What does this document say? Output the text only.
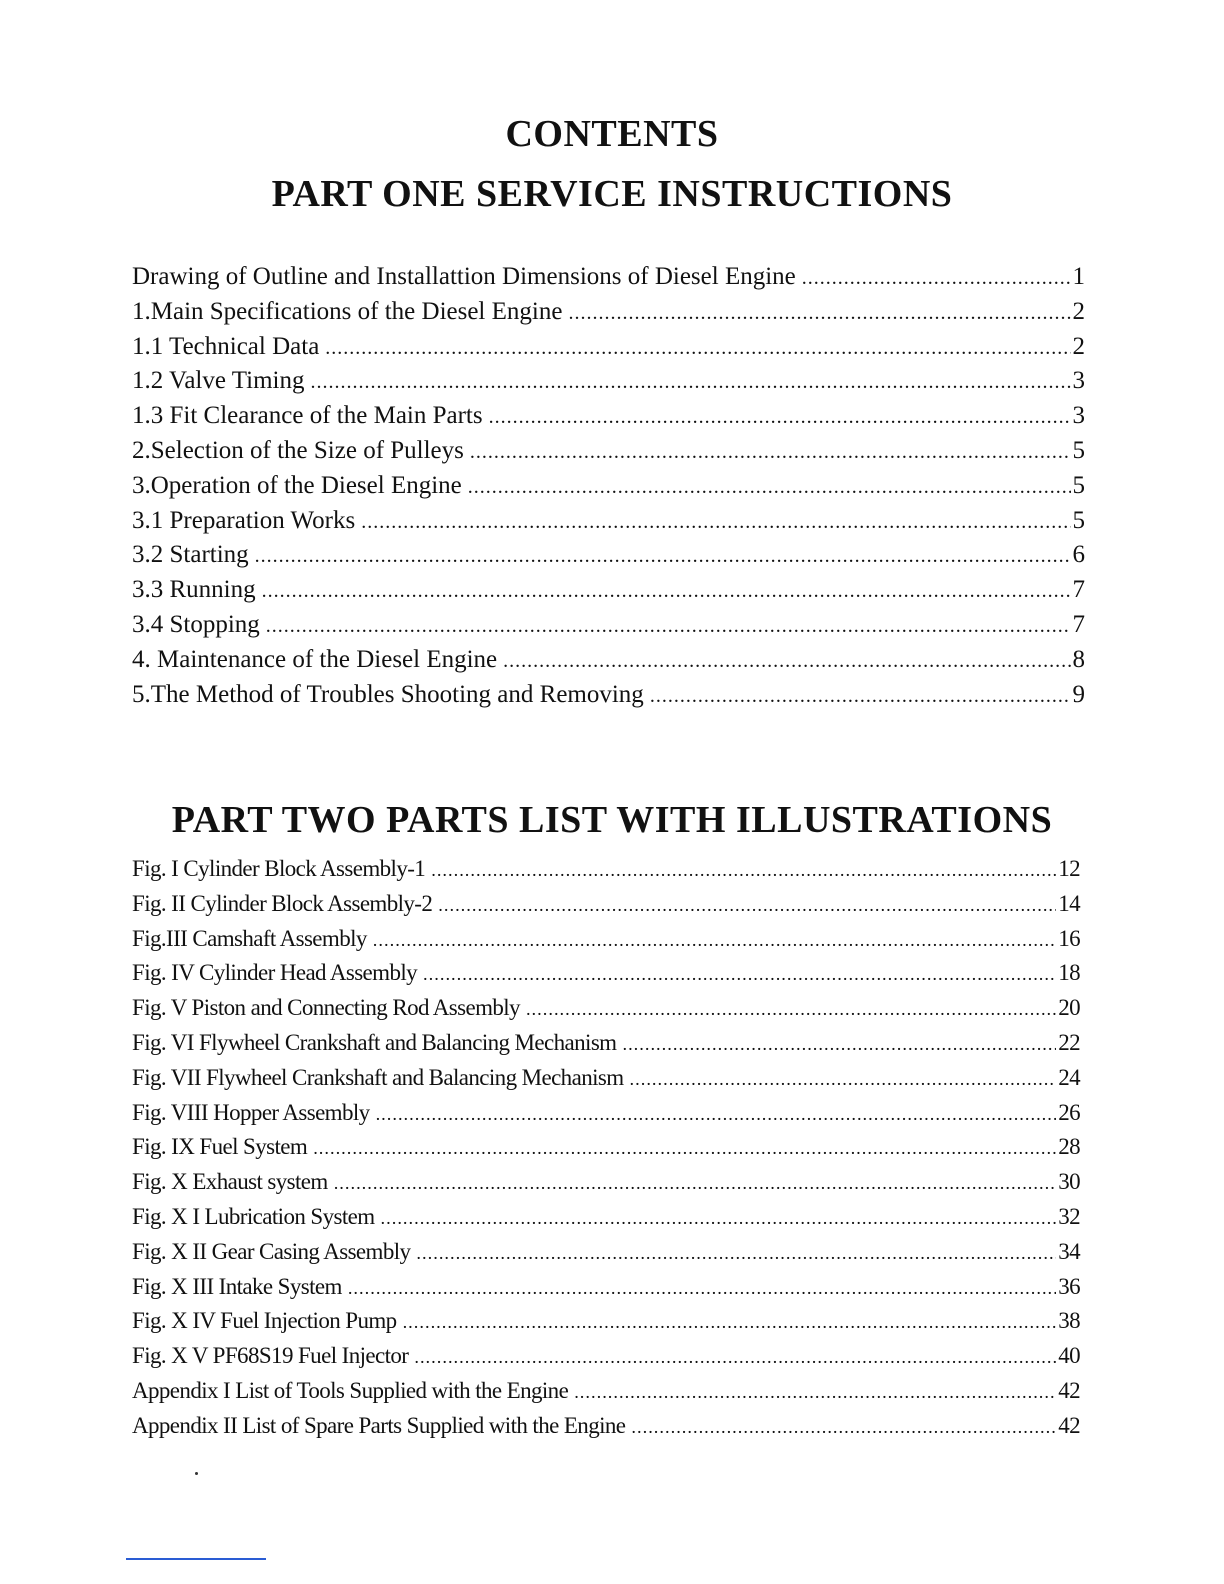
CONTENTS
PART ONE SERVICE INSTRUCTIONS
Drawing of Outline and Installattion Dimensions of Diesel Engine .....	1
1.Main Specifications of the Diesel Engine .....	2
1.1 Technical Data .....	2
1.2 Valve Timing .....	3
1.3 Fit Clearance of the Main Parts .....	3
2.Selection of the Size of Pulleys .....	5
3.Operation of the Diesel Engine .....	5
3.1 Preparation Works .....	5
3.2 Starting .....	6
3.3 Running .....	7
3.4 Stopping .....	7
4. Maintenance of the Diesel Engine .....	8
5.The Method of Troubles Shooting and Removing .....	9
PART TWO PARTS LIST WITH ILLUSTRATIONS
Fig. I Cylinder Block Assembly-1 .....	12
Fig. II Cylinder Block Assembly-2 .....	14
Fig.III Camshaft Assembly .....	16
Fig. IV Cylinder Head Assembly .....	18
Fig. V Piston and Connecting Rod Assembly .....	20
Fig. VI Flywheel Crankshaft and Balancing Mechanism .....	22
Fig. VII Flywheel Crankshaft and Balancing Mechanism .....	24
Fig. VIII Hopper Assembly .....	26
Fig. IX Fuel System .....	28
Fig. X Exhaust system .....	30
Fig. X I Lubrication System .....	32
Fig. X II Gear Casing Assembly .....	34
Fig. X III Intake System .....	36
Fig. X IV Fuel Injection Pump .....	38
Fig. X V PF68S19 Fuel Injector .....	40
Appendix I List of Tools Supplied with the Engine .....	42
Appendix II List of Spare Parts Supplied with the Engine .....	42
